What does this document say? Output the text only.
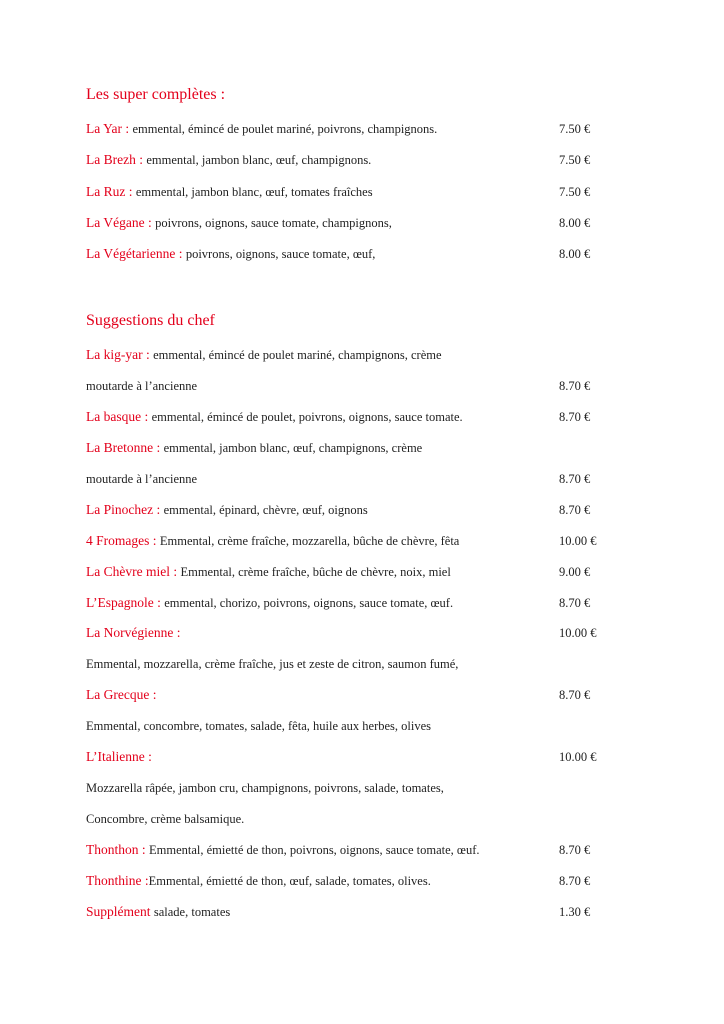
Les super complètes :
La Yar : emmental, émincé de poulet mariné, poivrons, champignons.	7.50 €
La Brezh : emmental, jambon blanc, œuf, champignons.	7.50 €
La Ruz : emmental, jambon blanc, œuf, tomates fraîches	7.50 €
La Végane : poivrons, oignons, sauce tomate, champignons,	8.00 €
La Végétarienne : poivrons, oignons, sauce tomate, œuf,	8.00 €
Suggestions du chef
La kig-yar : emmental, émincé de poulet mariné, champignons, crème
moutarde à l’ancienne	8.70 €
La basque : emmental, émincé de poulet, poivrons, oignons, sauce tomate.	8.70 €
La Bretonne : emmental, jambon blanc, œuf, champignons, crème
moutarde à l’ancienne	8.70 €
La Pinochez : emmental, épinard, chèvre, œuf, oignons	8.70 €
4 Fromages : Emmental, crème fraîche, mozzarella, bûche de chèvre, fêta	10.00 €
La Chèvre miel : Emmental, crème fraîche, bûche de chèvre, noix, miel	9.00 €
L’Espagnole : emmental, chorizo, poivrons, oignons, sauce tomate, œuf.	8.70 €
La Norvégienne :	10.00 €
Emmental, mozzarella, crème fraîche, jus et zeste de citron, saumon fumé,
La Grecque :	8.70 €
Emmental, concombre, tomates, salade, fêta, huile aux herbes, olives
L’Italienne :	10.00 €
Mozzarella râpée, jambon cru, champignons, poivrons, salade, tomates,
Concombre, crème balsamique.
Thonthon : Emmental, émietté de thon, poivrons, oignons, sauce tomate, œuf.	8.70 €
Thonthine :Emmental, émietté de thon, œuf, salade, tomates, olives.	8.70 €
Supplément salade, tomates	1.30 €
